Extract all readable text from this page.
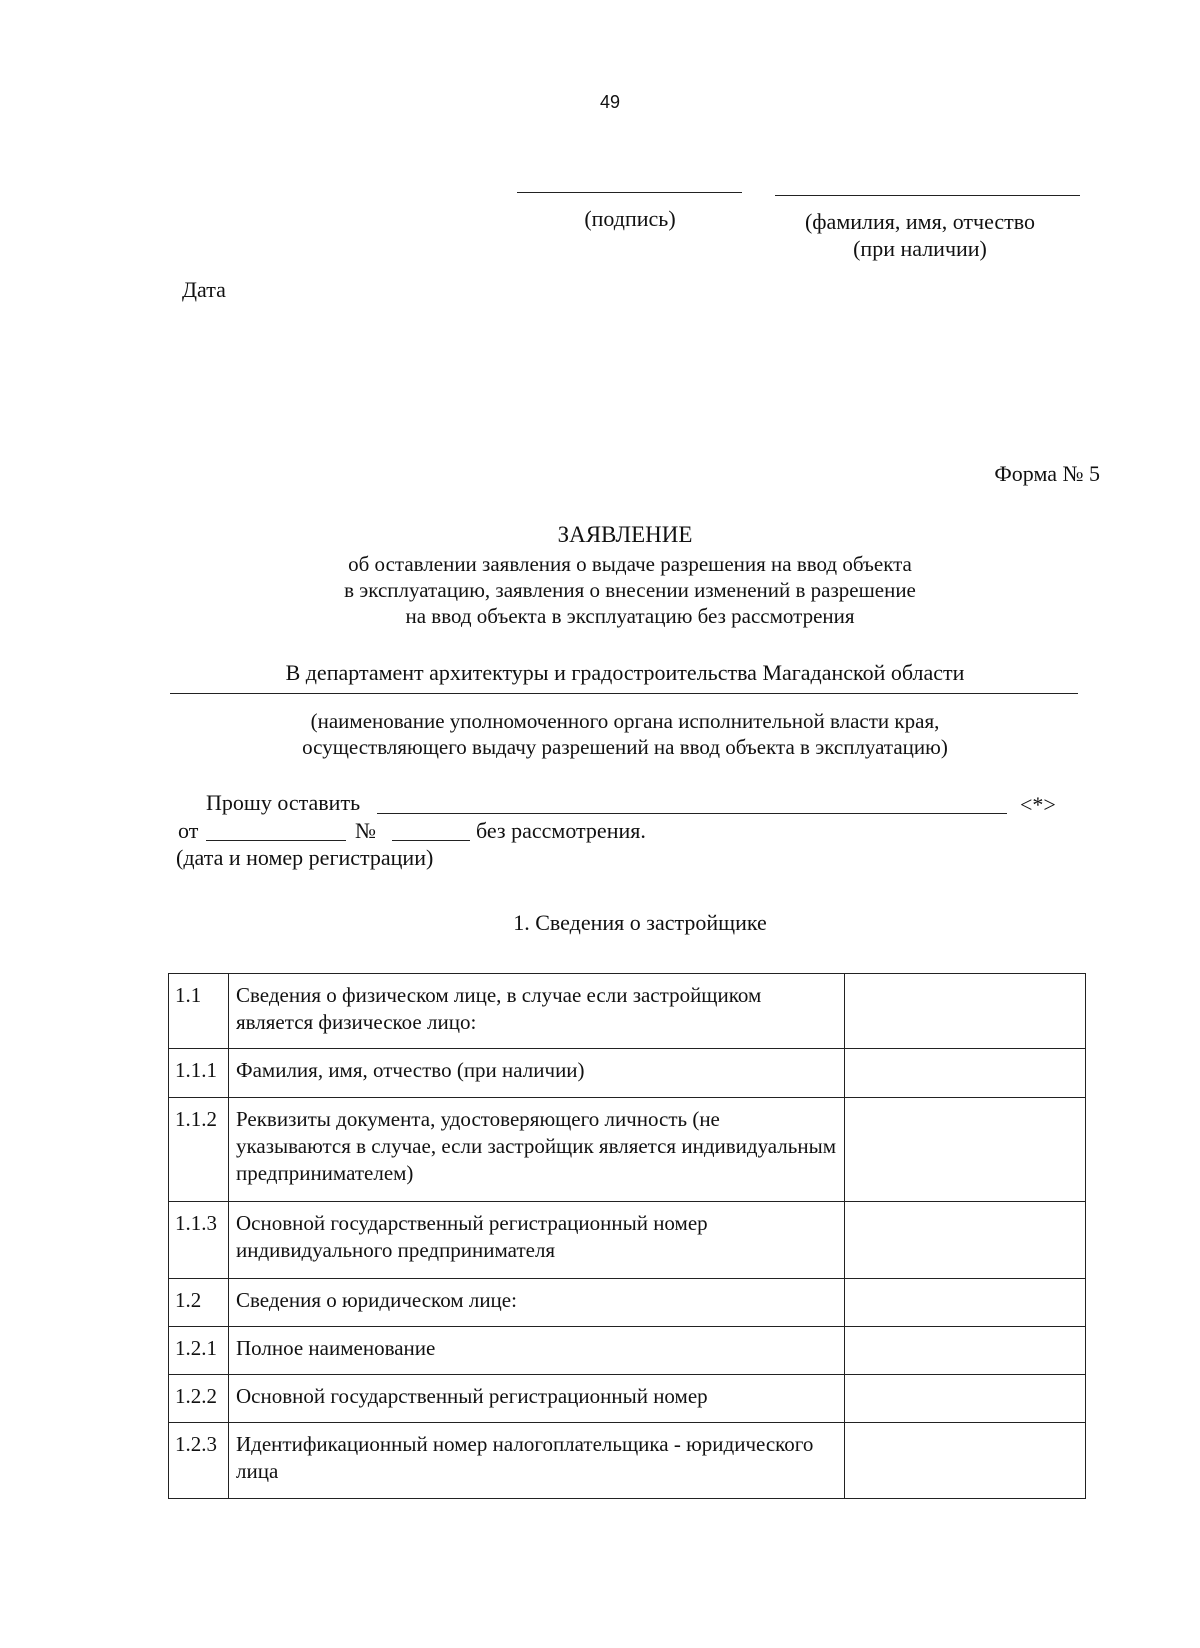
49
(подпись)	(фамилия, имя, отчество
(при наличии)
Дата
Форма № 5
ЗАЯВЛЕНИЕ
об оставлении заявления о выдаче разрешения на ввод объекта
в эксплуатацию, заявления о внесении изменений в разрешение
на ввод объекта в эксплуатацию без рассмотрения
В департамент архитектуры и градостроительства Магаданской области
(наименование уполномоченного органа исполнительной власти края,
осуществляющего выдачу разрешений на ввод объекта в эксплуатацию)
Прошу оставить	<*>
от	№	без рассмотрения.
(дата и номер регистрации)
1. Сведения о застройщике
1.1	Сведения о физическом лице, в случае если застройщиком является физическое лицо:	
1.1.1	Фамилия, имя, отчество (при наличии)	
1.1.2	Реквизиты документа, удостоверяющего личность (не указываются в случае, если застройщик является индивидуальным предпринимателем)	
1.1.3	Основной государственный регистрационный номер индивидуального предпринимателя	
1.2	Сведения о юридическом лице:	
1.2.1	Полное наименование	
1.2.2	Основной государственный регистрационный номер	
1.2.3	Идентификационный номер налогоплательщика - юридического лица	
